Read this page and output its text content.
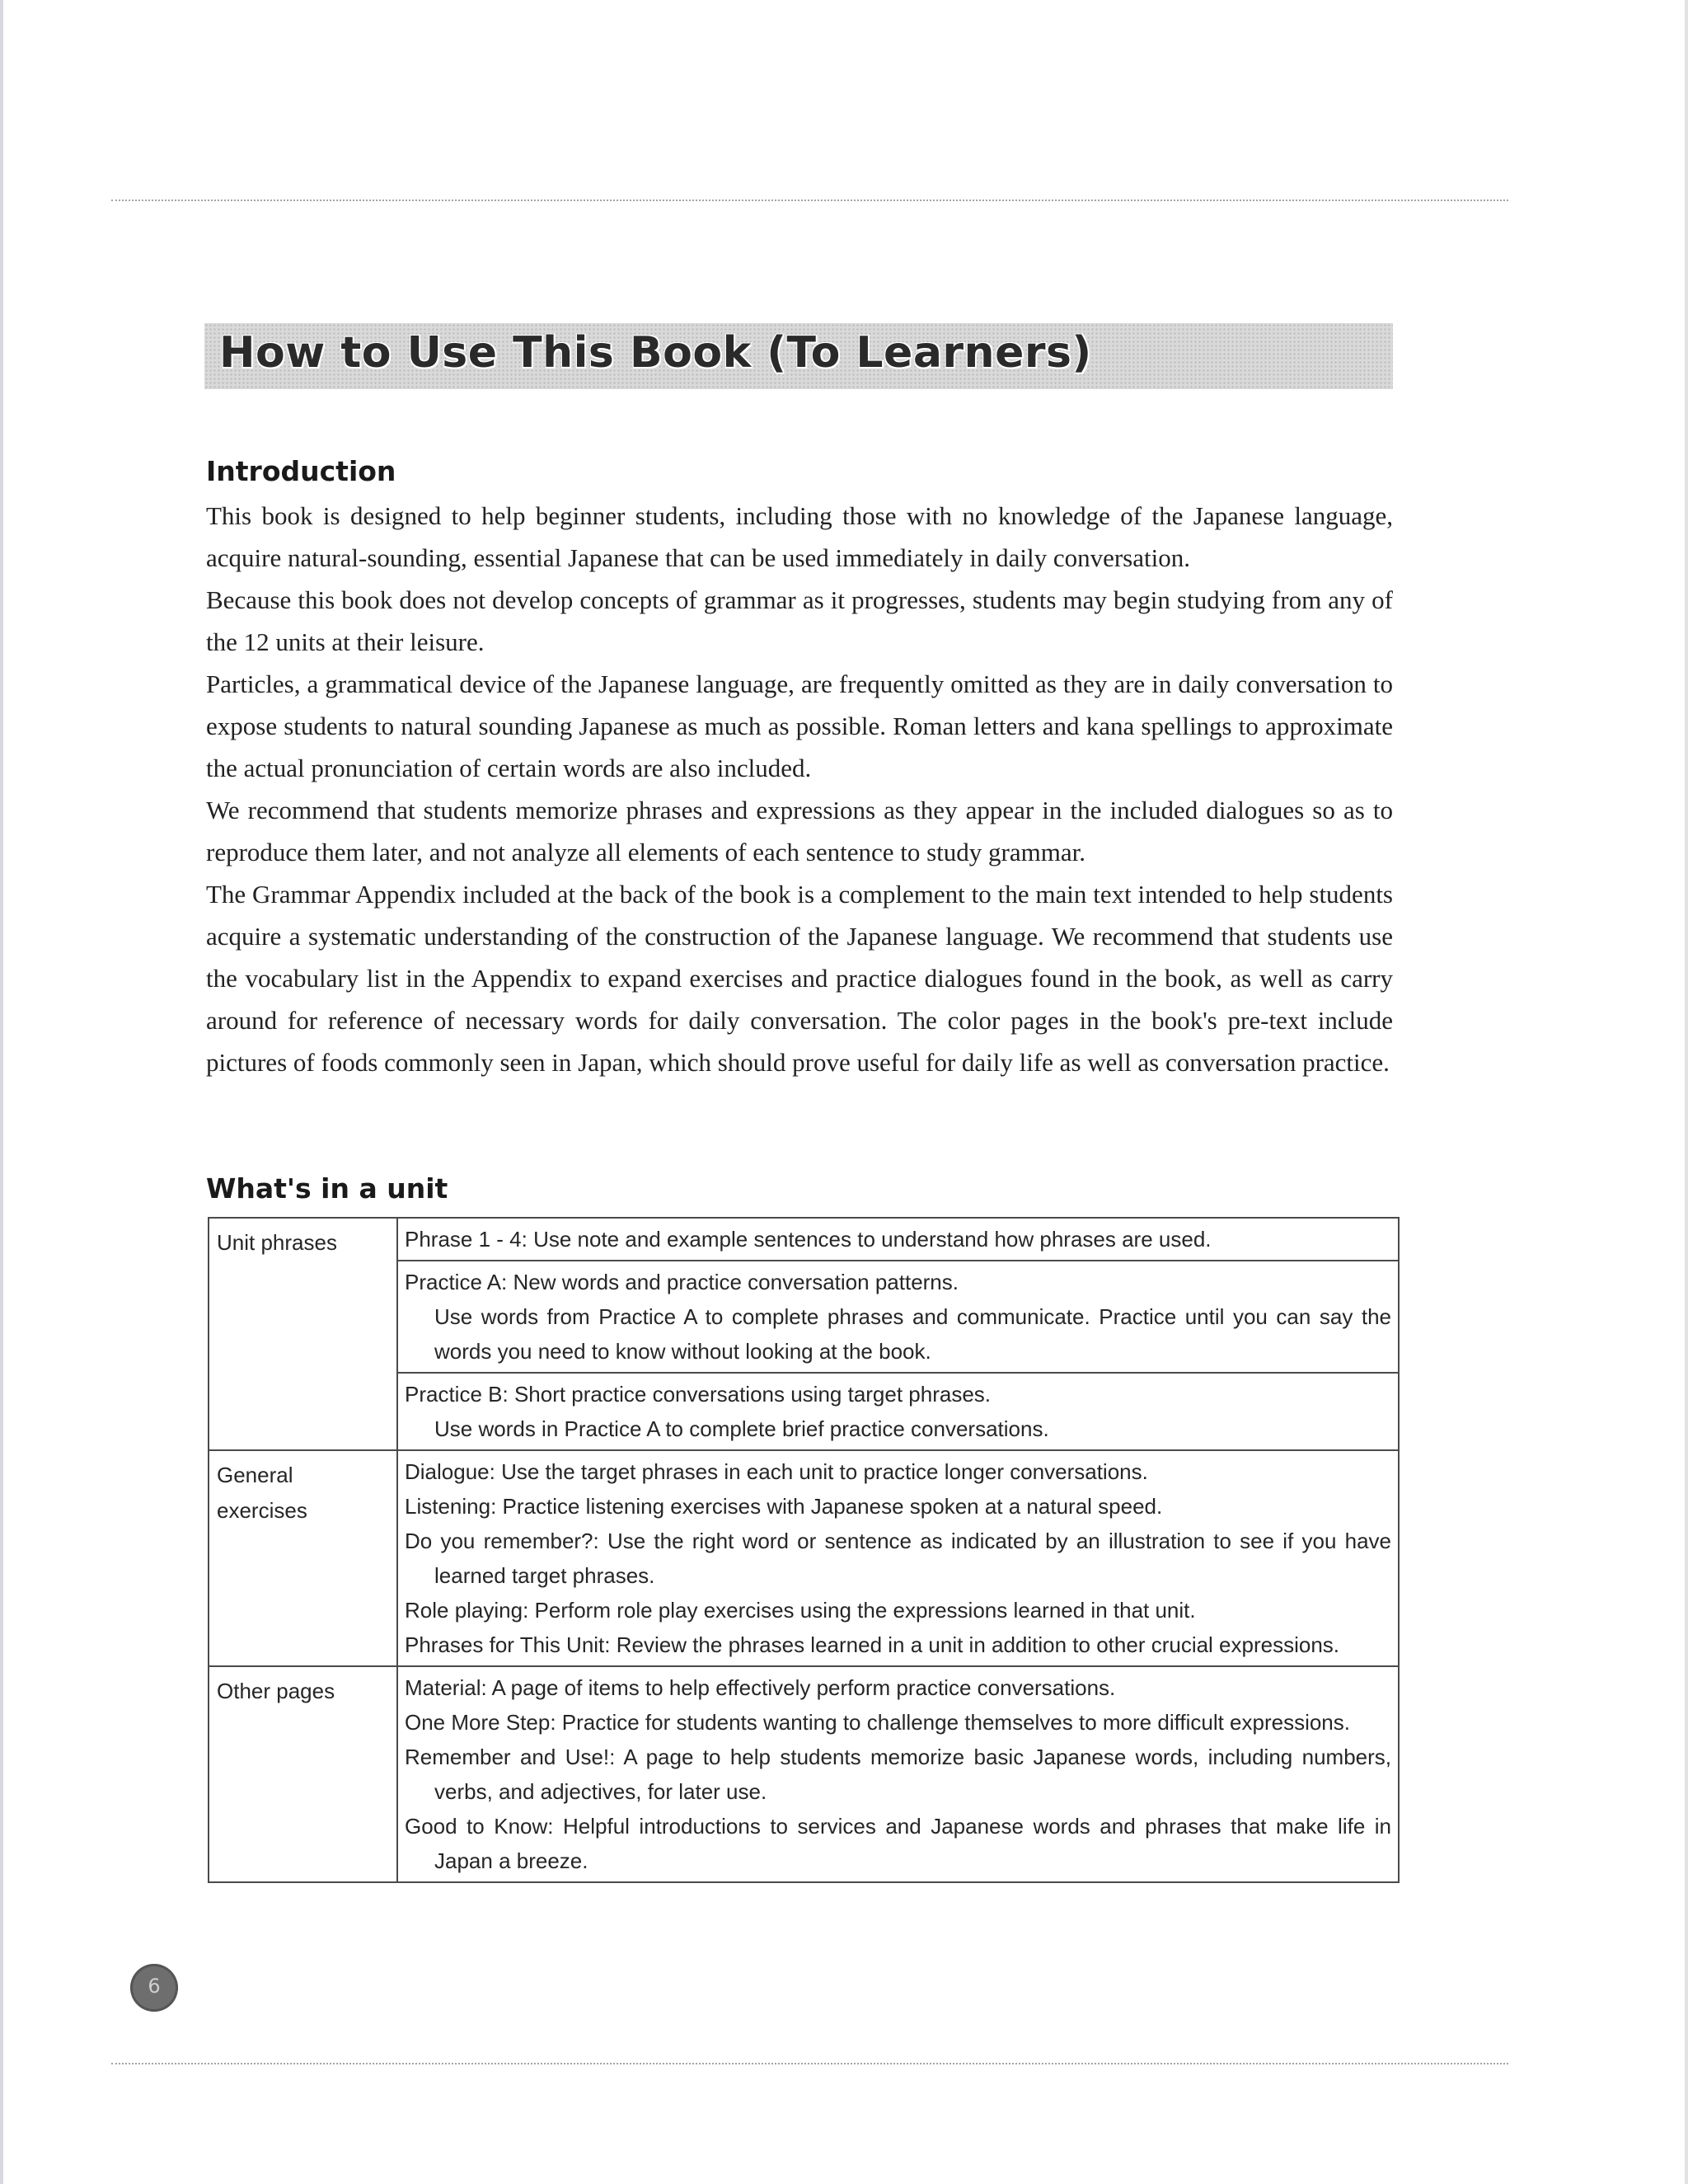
How to Use This Book (To Learners)
Introduction

This book is designed to help beginner students, including those with no knowledge of the Japanese language, acquire natural-sounding, essential Japanese that can be used immediately in daily conversation.

Because this book does not develop concepts of grammar as it progresses, students may begin studying from any of the 12 units at their leisure.

Particles, a grammatical device of the Japanese language, are frequently omitted as they are in daily conversation to expose students to natural sounding Japanese as much as possible. Roman letters and kana spellings to approximate the actual pronunciation of certain words are also included.

We recommend that students memorize phrases and expressions as they appear in the included dialogues so as to reproduce them later, and not analyze all elements of each sentence to study grammar.

The Grammar Appendix included at the back of the book is a complement to the main text intended to help students acquire a systematic understanding of the construction of the Japanese language. We recommend that students use the vocabulary list in the Appendix to expand exercises and practice dialogues found in the book, as well as carry around for reference of necessary words for daily conversation. The color pages in the book's pre-text include pictures of foods commonly seen in Japan, which should prove useful for daily life as well as conversation practice.

What's in a unit
Unit phrases	Phrase 1 - 4: Use note and example sentences to understand how phrases are used.

	Practice A: New words and practice conversation patterns.
Use words from Practice A to complete phrases and communicate. Practice until you can say the words you need to know without looking at the book.

	Practice B: Short practice conversations using target phrases.
Use words in Practice A to complete brief practice conversations.

General
exercises	Dialogue: Use the target phrases in each unit to practice longer conversations.
Listening: Practice listening exercises with Japanese spoken at a natural speed.
Do you remember?: Use the right word or sentence as indicated by an illustration to see if you have learned target phrases.
Role playing: Perform role play exercises using the expressions learned in that unit.
Phrases for This Unit: Review the phrases learned in a unit in addition to other crucial expressions.

Other pages	Material: A page of items to help effectively perform practice conversations.
One More Step: Practice for students wanting to challenge themselves to more difficult expressions.
Remember and Use!: A page to help students memorize basic Japanese words, including numbers, verbs, and adjectives, for later use.
Good to Know: Helpful introductions to services and Japanese words and phrases that make life in Japan a breeze.
6
